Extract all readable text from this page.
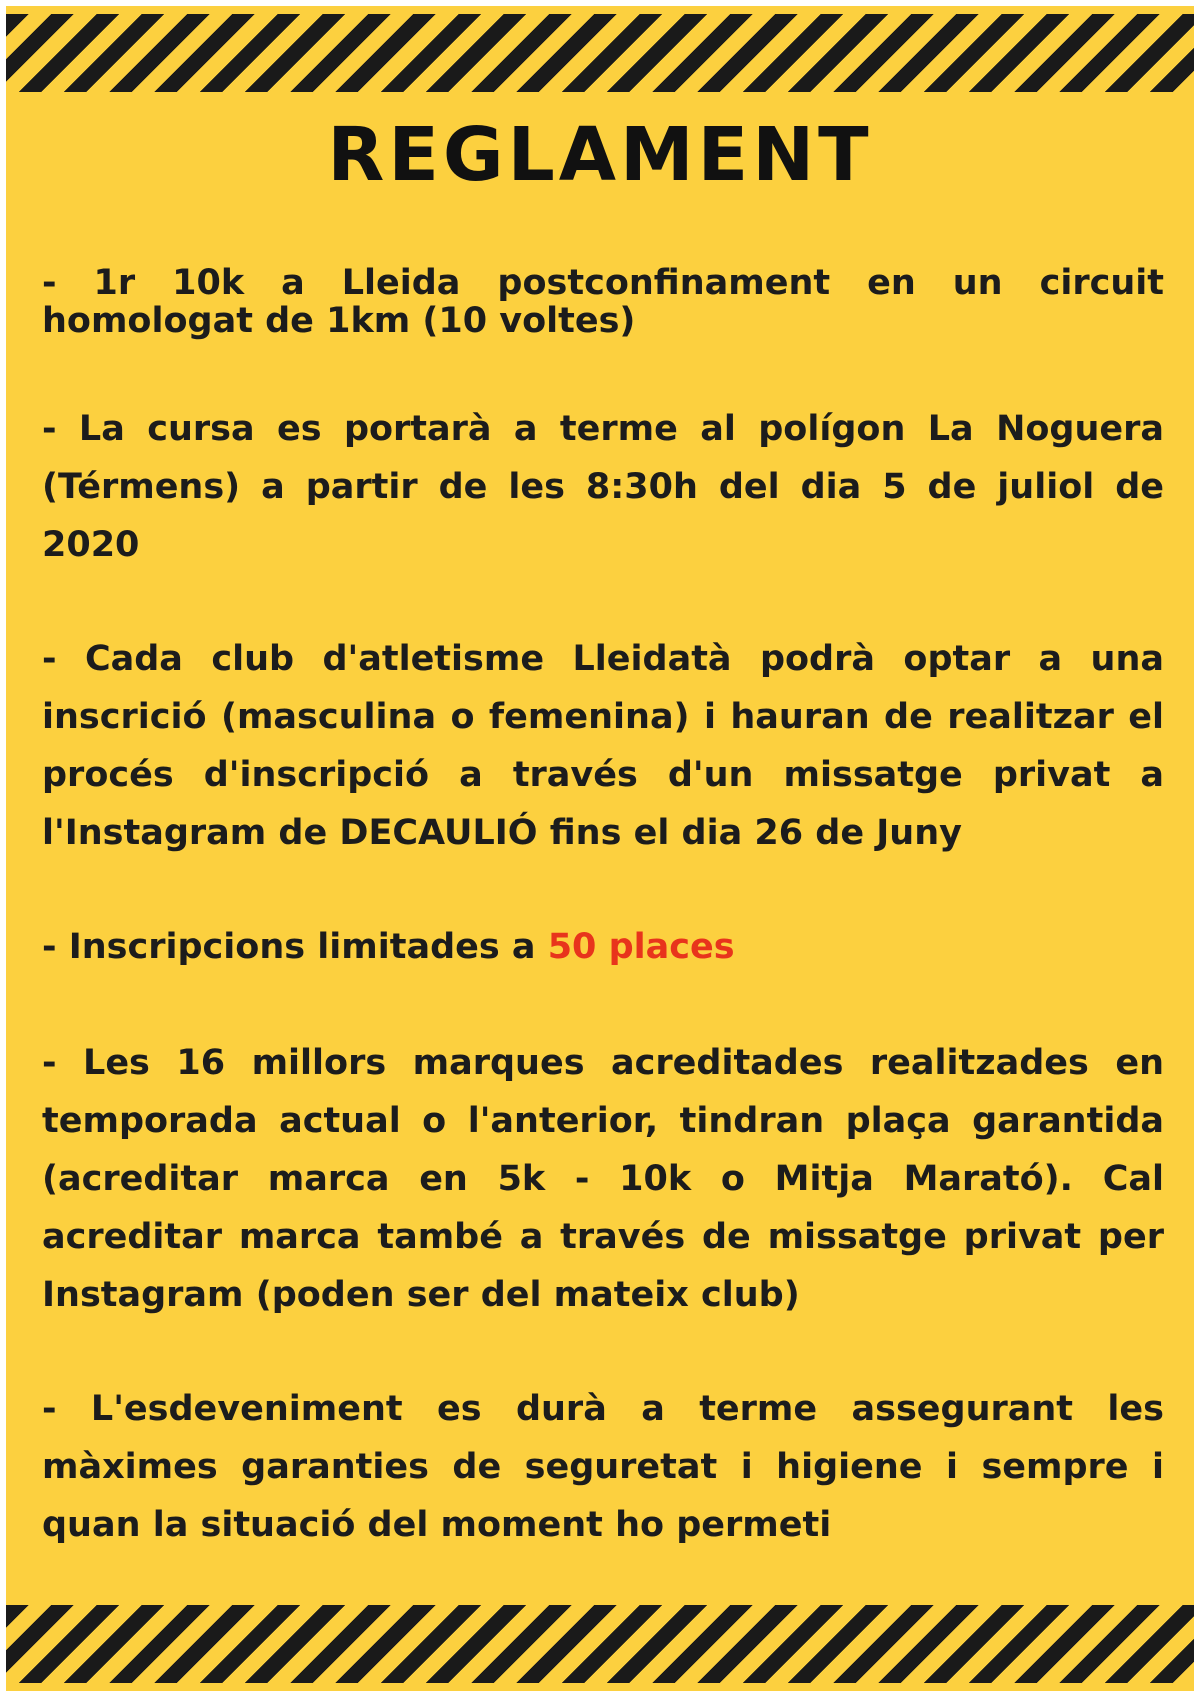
REGLAMENT
- 1r 10k a Lleida postconfinament en un circuit homologat de 1km (10 voltes)
- La cursa es portarà a terme al polígon La Noguera (Térmens) a partir de les 8:30h del dia 5 de juliol de 2020
- Cada club d'atletisme Lleidatà podrà optar a una inscrició (masculina o femenina) i hauran de realitzar el procés d'inscripció a través d'un missatge privat a l'Instagram de DECAULIÓ fins el dia 26 de Juny
- Inscripcions limitades a 50 places
- Les 16 millors marques acreditades realitzades en temporada actual o l'anterior, tindran plaça garantida (acreditar marca en 5k - 10k o Mitja Marató). Cal acreditar marca també a través de missatge privat per Instagram (poden ser del mateix club)
- L'esdeveniment es durà a terme assegurant les màximes garanties de seguretat i higiene i sempre i quan la situació del moment ho permeti
